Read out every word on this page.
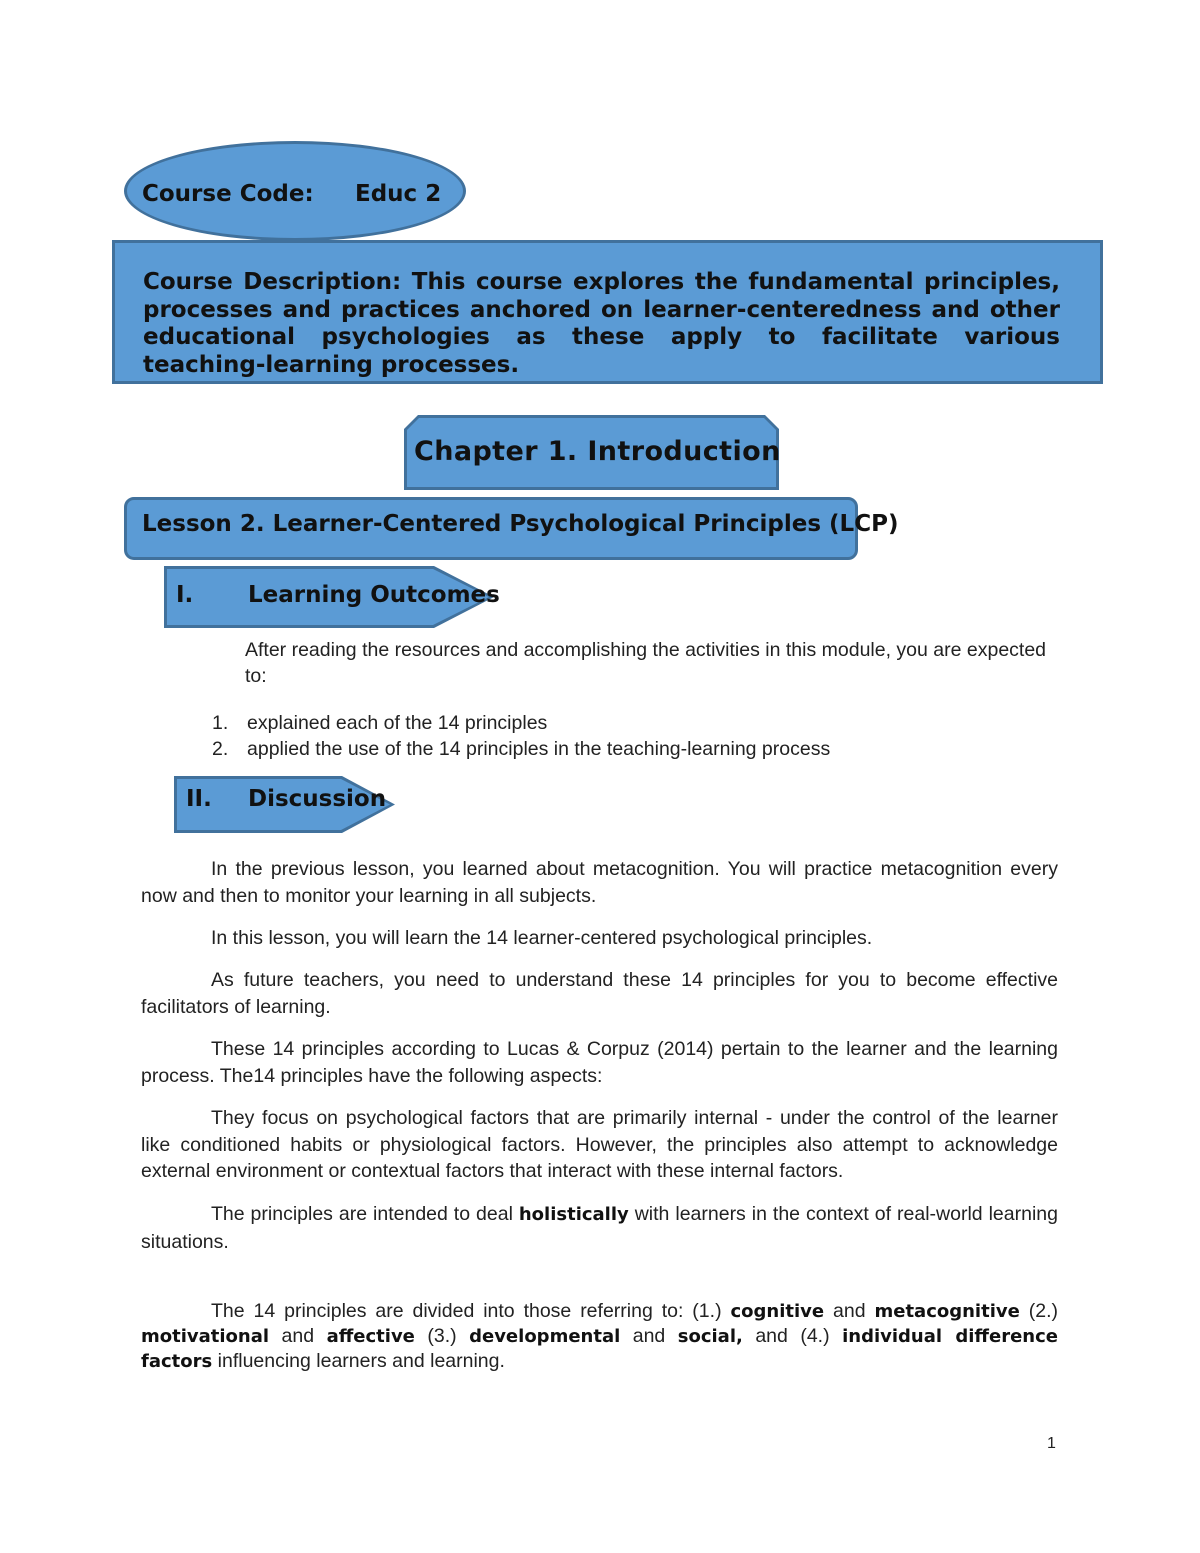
Course Code: Educ 2
Course Description: This course explores the fundamental principles, processes and practices anchored on learner-centeredness and other educational psychologies as these apply to facilitate various teaching-learning processes.
Chapter 1. Introduction
Lesson 2. Learner-Centered Psychological Principles (LCP)
I. Learning Outcomes

After reading the resources and accomplishing the activities in this module, you are expected to:

1. explained each of the 14 principles
2. applied the use of the 14 principles in the teaching-learning process
II. Discussion

In the previous lesson, you learned about metacognition. You will practice metacognition every now and then to monitor your learning in all subjects.

In this lesson, you will learn the 14 learner-centered psychological principles.

As future teachers, you need to understand these 14 principles for you to become effective facilitators of learning.

These 14 principles according to Lucas & Corpuz (2014) pertain to the learner and the learning process. The14 principles have the following aspects:

They focus on psychological factors that are primarily internal - under the control of the learner like conditioned habits or physiological factors. However, the principles also attempt to acknowledge external environment or contextual factors that interact with these internal factors.

The principles are intended to deal holistically with learners in the context of real-world learning situations.

The 14 principles are divided into those referring to: (1.) cognitive and metacognitive (2.) motivational and affective (3.) developmental and social, and (4.) individual difference factors influencing learners and learning.

1
